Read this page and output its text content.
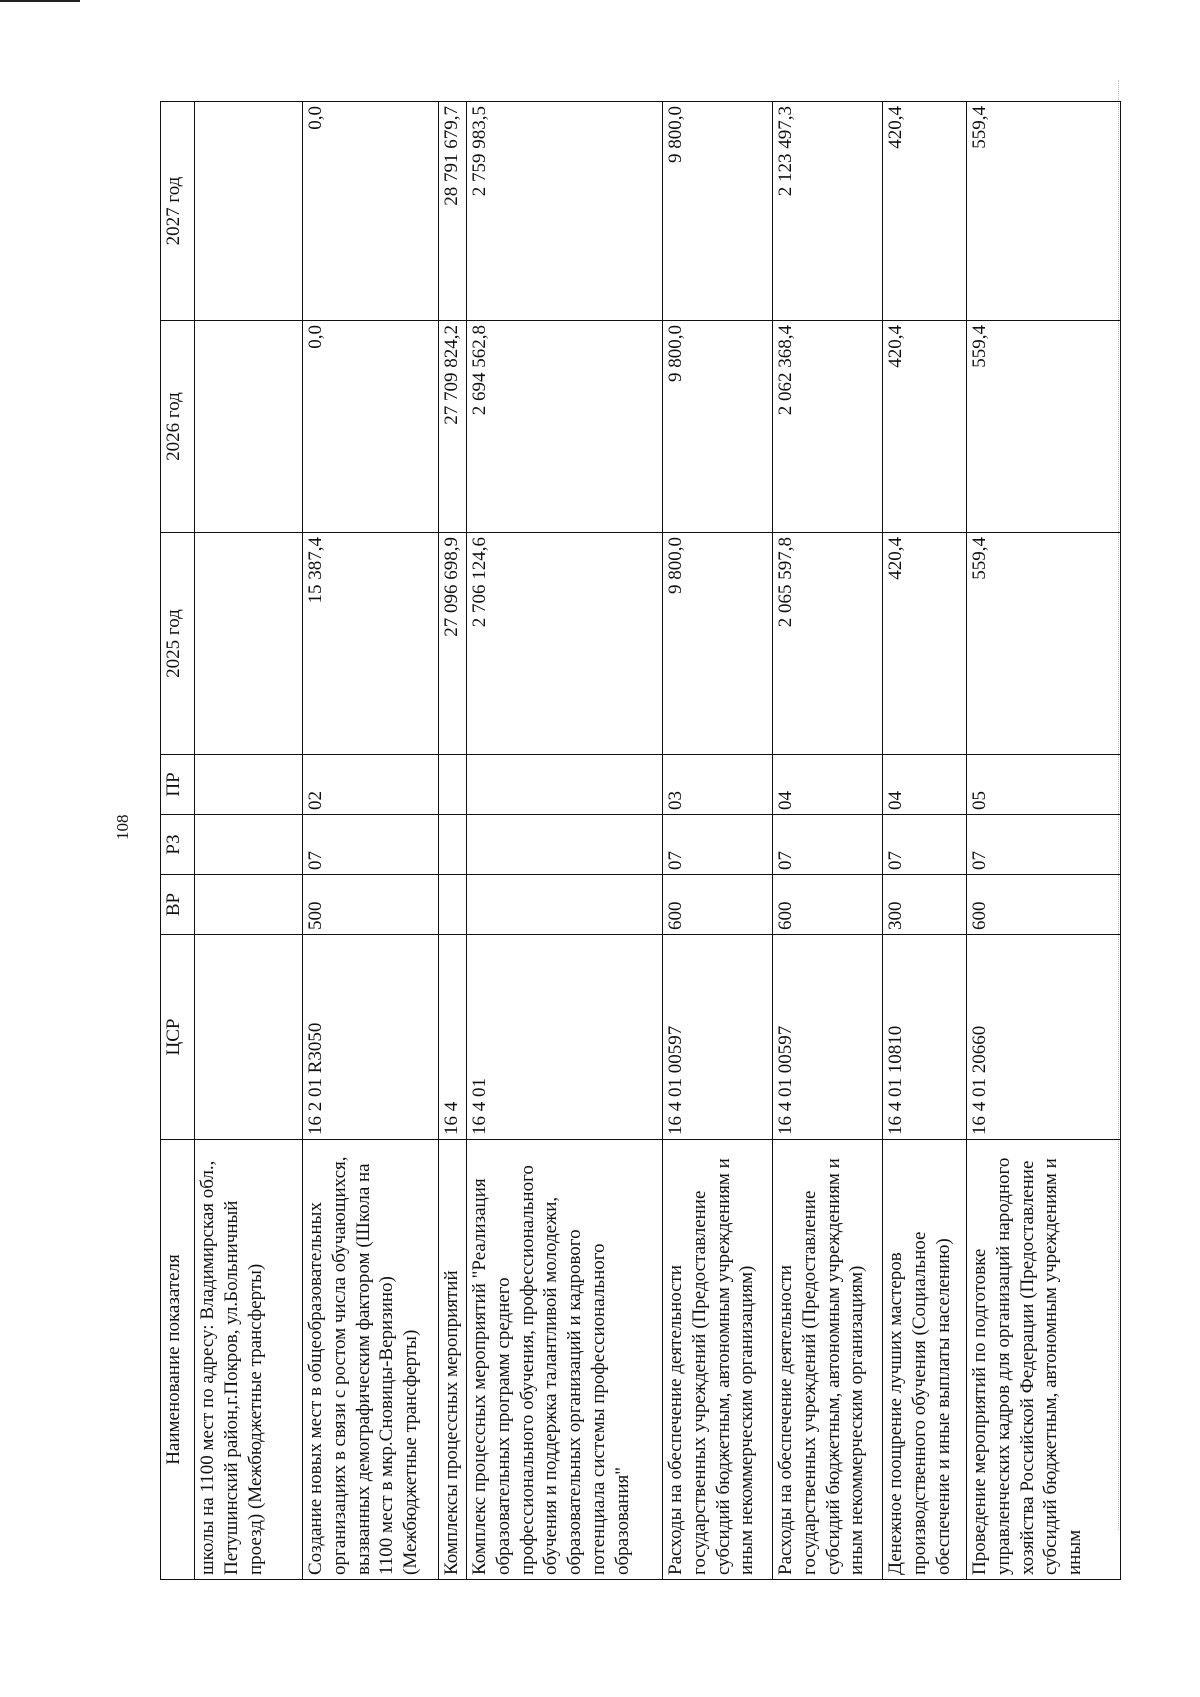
108
Наименование показателя	ЦСР	ВР	РЗ	ПР	2025 год	2026 год	2027 год
школы на 1100 мест по адресу: Владимирская обл., Петушинский район,г.Покров, ул.Больничный проезд) (Межбюджетные трансферты)							
Создание новых мест в общеобразовательных организациях в связи с ростом числа обучающихся, вызванных демографическим фактором (Школа на 1100 мест в мкр.Сновицы-Веризино) (Межбюджетные трансферты)	16 2 01 R3050	500	07	02	15 387,4	0,0	0,0
Комплексы процессных мероприятий	16 4				27 096 698,9	27 709 824,2	28 791 679,7
Комплекс процессных мероприятий "Реализация образовательных программ среднего профессионального обучения, профессионального обучения и поддержка талантливой молодежи, образовательных организаций и кадрового потенциала системы профессионального образования"	16 4 01				2 706 124,6	2 694 562,8	2 759 983,5
Расходы на обеспечение деятельности государственных учреждений (Предоставление субсидий бюджетным, автономным учреждениям и иным некоммерческим организациям)	16 4 01 00597	600	07	03	9 800,0	9 800,0	9 800,0
Расходы на обеспечение деятельности государственных учреждений (Предоставление субсидий бюджетным, автономным учреждениям и иным некоммерческим организациям)	16 4 01 00597	600	07	04	2 065 597,8	2 062 368,4	2 123 497,3
Денежное поощрение лучших мастеров производственного обучения (Социальное обеспечение и иные выплаты населению)	16 4 01 10810	300	07	04	420,4	420,4	420,4
Проведение мероприятий по подготовке управленческих кадров для организаций народного хозяйства Российской Федерации (Предоставление субсидий бюджетным, автономным учреждениям и иным	16 4 01 20660	600	07	05	559,4	559,4	559,4
